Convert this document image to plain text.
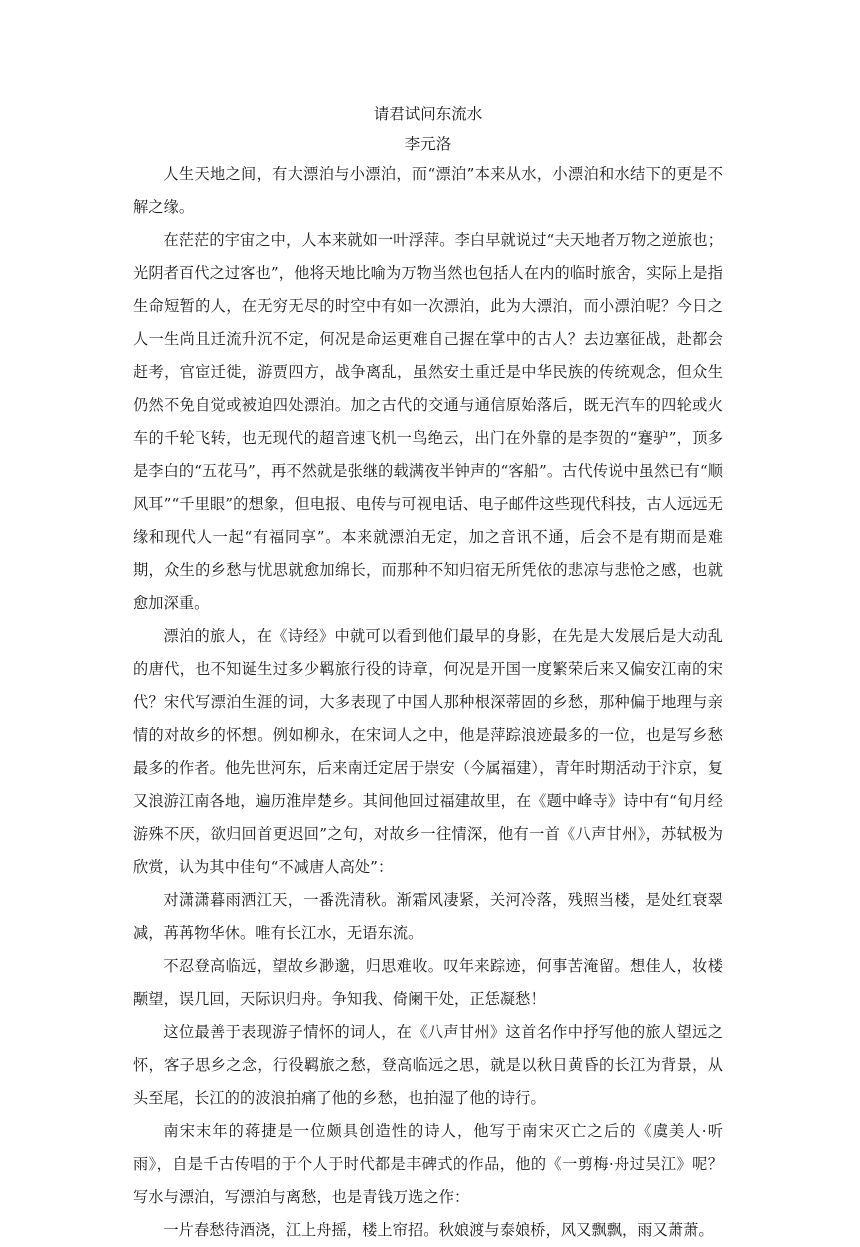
请君试问东流水

李元洛

人生天地之间，有大漂泊与小漂泊，而“漂泊”本来从水，小漂泊和水结下的更是不解之缘。

在茫茫的宇宙之中，人本来就如一叶浮萍。李白早就说过“夫天地者万物之逆旅也；光阴者百代之过客也”，他将天地比喻为万物当然也包括人在内的临时旅舍，实际上是指生命短暂的人，在无穷无尽的时空中有如一次漂泊，此为大漂泊，而小漂泊呢？今日之人一生尚且迁流升沉不定，何况是命运更难自己握在掌中的古人？去边塞征战，赴都会赶考，官宦迁徙，游贾四方，战争离乱，虽然安土重迁是中华民族的传统观念，但众生仍然不免自觉或被迫四处漂泊。加之古代的交通与通信原始落后，既无汽车的四轮或火车的千轮飞转，也无现代的超音速飞机一鸟绝云，出门在外靠的是李贺的“蹇驴”，顶多是李白的“五花马”，再不然就是张继的载满夜半钟声的“客船”。古代传说中虽然已有“顺风耳”“千里眼”的想象，但电报、电传与可视电话、电子邮件这些现代科技，古人远远无缘和现代人一起“有福同享”。本来就漂泊无定，加之音讯不通，后会不是有期而是难期，众生的乡愁与忧思就愈加绵长，而那种不知归宿无所凭依的悲凉与悲怆之感，也就愈加深重。

漂泊的旅人，在《诗经》中就可以看到他们最早的身影，在先是大发展后是大动乱的唐代，也不知诞生过多少羁旅行役的诗章，何况是开国一度繁荣后来又偏安江南的宋代？宋代写漂泊生涯的词，大多表现了中国人那种根深蒂固的乡愁，那种偏于地理与亲情的对故乡的怀想。例如柳永，在宋词人之中，他是萍踪浪迹最多的一位，也是写乡愁最多的作者。他先世河东，后来南迁定居于崇安（今属福建），青年时期活动于汴京，复又浪游江南各地，遍历淮岸楚乡。其间他回过福建故里，在《题中峰寺》诗中有“旬月经游殊不厌，欲归回首更迟回”之句，对故乡一往情深，他有一首《八声甘州》，苏轼极为欣赏，认为其中佳句“不减唐人高处”：

对潇潇暮雨洒江天，一番洗清秋。渐霜风凄紧，关河冷落，残照当楼，是处红衰翠减，苒苒物华休。唯有长江水，无语东流。

不忍登高临远，望故乡渺邈，归思难收。叹年来踪迹，何事苦淹留。想佳人，妆楼颙望，误几回，天际识归舟。争知我、倚阑干处，正恁凝愁！

这位最善于表现游子情怀的词人，在《八声甘州》这首名作中抒写他的旅人望远之怀，客子思乡之念，行役羁旅之愁，登高临远之思，就是以秋日黄昏的长江为背景，从头至尾，长江的的波浪拍痛了他的乡愁，也拍湿了他的诗行。

南宋末年的蒋捷是一位颇具创造性的诗人，他写于南宋灭亡之后的《虞美人·听雨》，自是千古传唱的于个人于时代都是丰碑式的作品，他的《一剪梅·舟过吴江》呢？写水与漂泊，写漂泊与离愁，也是青钱万选之作：

一片春愁待酒浇，江上舟摇，楼上帘招。秋娘渡与泰娘桥，风又飘飘，雨又萧萧。
